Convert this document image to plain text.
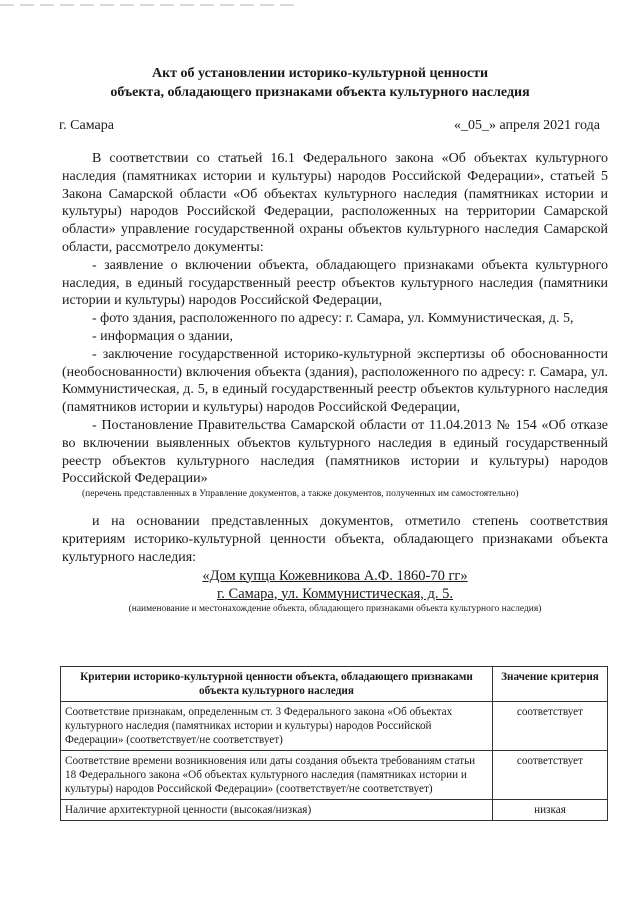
Акт об установлении историко-культурной ценности
объекта, обладающего признаками объекта культурного наследия
г. Самара	«_05_» апреля 2021 года

В соответствии со статьей 16.1 Федерального закона «Об объектах культурного наследия (памятниках истории и культуры) народов Российской Федерации», статьей 5 Закона Самарской области «Об объектах культурного наследия (памятниках истории и культуры) народов Российской Федерации, расположенных на территории Самарской области» управление государственной охраны объектов культурного наследия Самарской области, рассмотрело документы:

- заявление о включении объекта, обладающего признаками объекта культурного наследия, в единый государственный реестр объектов культурного наследия (памятники истории и культуры) народов Российской Федерации,

- фото здания, расположенного по адресу: г. Самара, ул. Коммунистическая, д. 5,

- информация о здании,

- заключение государственной историко-культурной экспертизы об обоснованности (необоснованности) включения объекта (здания), расположенного по адресу: г. Самара, ул. Коммунистическая, д. 5, в единый государственный реестр объектов культурного наследия (памятников истории и культуры) народов Российской Федерации,

- Постановление Правительства Самарской области от 11.04.2013 № 154 «Об отказе во включении выявленных объектов культурного наследия в единый государственный реестр объектов культурного наследия (памятников истории и культуры) народов Российской Федерации»

(перечень представленных в Управление документов, а также документов, полученных им самостоятельно)

и на основании представленных документов, отметило степень соответствия критериям историко-культурной ценности объекта, обладающего признаками объекта культурного наследия:

«Дом купца Кожевникова А.Ф. 1860-70 гг»
г. Самара, ул. Коммунистическая, д. 5.
(наименование и местонахождение объекта, обладающего признаками объекта культурного наследия)
Критерии историко-культурной ценности объекта, обладающего признаками объекта культурного наследия	Значение критерия
Соответствие признакам, определенным ст. 3 Федерального закона «Об объектах культурного наследия (памятниках истории и культуры) народов Российской Федерации» (соответствует/не соответствует)	соответствует
Соответствие времени возникновения или даты создания объекта требованиям статьи 18 Федерального закона «Об объектах культурного наследия (памятниках истории и культуры) народов Российской Федерации» (соответствует/не соответствует)	соответствует
Наличие архитектурной ценности (высокая/низкая)	низкая
